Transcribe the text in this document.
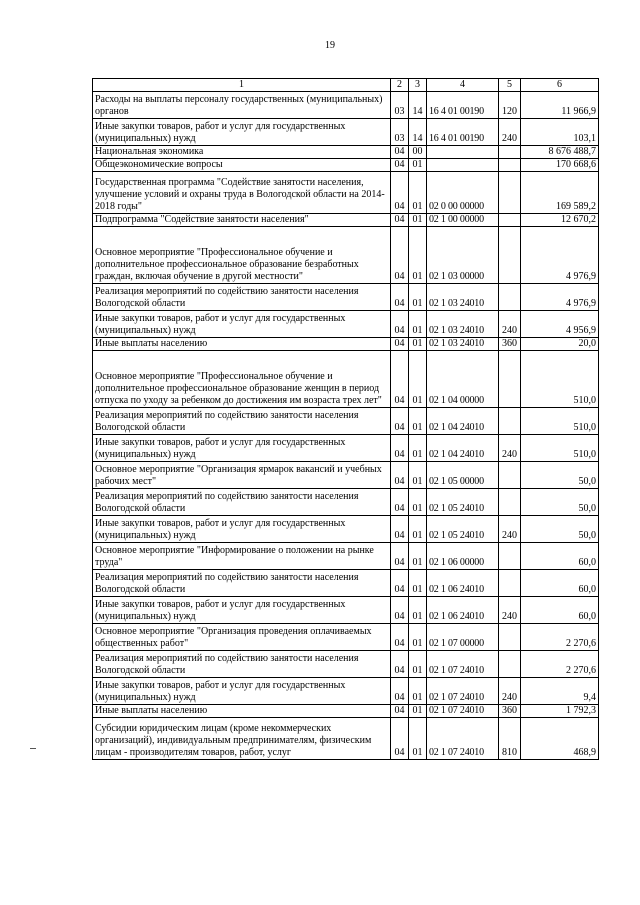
19
1	2	3	4	5	6
Расходы на выплаты персоналу государственных (муниципальных) органов	03	14	16 4 01 00190	120	11 966,9
Иные закупки товаров, работ и услуг для государственных (муниципальных) нужд	03	14	16 4 01 00190	240	103,1
Национальная экономика	04	00			8 676 488,7
Общеэкономические вопросы	04	01			170 668,6
Государственная программа "Содействие занятости населения, улучшение условий и охраны труда в Вологодской области на 2014-2018 годы"	04	01	02 0 00 00000		169 589,2
Подпрограмма "Содействие занятости населения"	04	01	02 1 00 00000		12 670,2
Основное мероприятие "Профессиональное обучение и дополнительное профессиональное образование безработных граждан, включая обучение в другой местности"	04	01	02 1 03 00000		4 976,9
Реализация мероприятий по содействию занятости населения Вологодской области	04	01	02 1 03 24010		4 976,9
Иные закупки товаров, работ и услуг для государственных (муниципальных) нужд	04	01	02 1 03 24010	240	4 956,9
Иные выплаты населению	04	01	02 1 03 24010	360	20,0
Основное мероприятие "Профессиональное обучение и дополнительное профессиональное образование женщин в период отпуска по уходу за ребенком до достижения им возраста трех лет"	04	01	02 1 04 00000		510,0
Реализация мероприятий по содействию занятости населения Вологодской области	04	01	02 1 04 24010		510,0
Иные закупки товаров, работ и услуг для государственных (муниципальных) нужд	04	01	02 1 04 24010	240	510,0
Основное мероприятие "Организация ярмарок вакансий и учебных рабочих мест"	04	01	02 1 05 00000		50,0
Реализация мероприятий по содействию занятости населения Вологодской области	04	01	02 1 05 24010		50,0
Иные закупки товаров, работ и услуг для государственных (муниципальных) нужд	04	01	02 1 05 24010	240	50,0
Основное мероприятие "Информирование о положении на рынке труда"	04	01	02 1 06 00000		60,0
Реализация мероприятий по содействию занятости населения Вологодской области	04	01	02 1 06 24010		60,0
Иные закупки товаров, работ и услуг для государственных (муниципальных) нужд	04	01	02 1 06 24010	240	60,0
Основное мероприятие "Организация проведения оплачиваемых общественных работ"	04	01	02 1 07 00000		2 270,6
Реализация мероприятий по содействию занятости населения Вологодской области	04	01	02 1 07 24010		2 270,6
Иные закупки товаров, работ и услуг для государственных (муниципальных) нужд	04	01	02 1 07 24010	240	9,4
Иные выплаты населению	04	01	02 1 07 24010	360	1 792,3
Субсидии юридическим лицам (кроме некоммерческих организаций), индивидуальным предпринимателям, физическим лицам - производителям товаров, работ, услуг	04	01	02 1 07 24010	810	468,9
